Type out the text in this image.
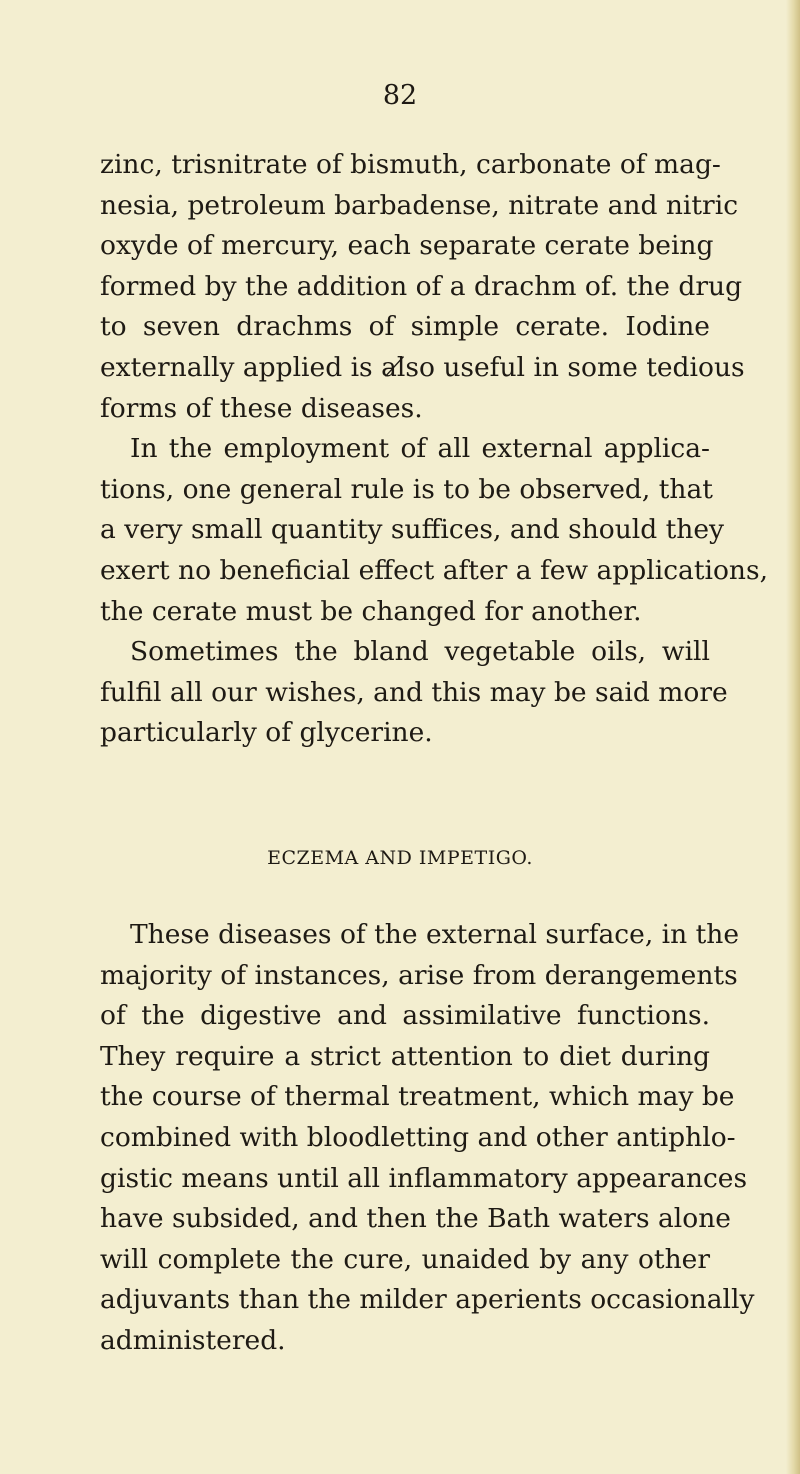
82
zinc, trisnitrate of bismuth, carbonate of mag-
nesia, petroleum barbadense, nitrate and nitric
oxyde of mercury, each separate cerate being
formed by the addition of a drachm of. the drug
to seven drachms of simple cerate. Iodine
externally applied is al̸so useful in some tedious
forms of these diseases.
In the employment of all external applica-
tions, one general rule is to be observed, that
a very small quantity suffices, and should they
exert no beneficial effect after a few applications,
the cerate must be changed for another.
Sometimes the bland vegetable oils, will
fulfil all our wishes, and this may be said more
particularly of glycerine.
ECZEMA AND IMPETIGO.
These diseases of the external surface, in the
majority of instances, arise from derangements
of the digestive and assimilative functions.
They require a strict attention to diet during
the course of thermal treatment, which may be
combined with bloodletting and other antiphlo-
gistic means until all inflammatory appearances
have subsided, and then the Bath waters alone
will complete the cure, unaided by any other
adjuvants than the milder aperients occasionally
administered.
